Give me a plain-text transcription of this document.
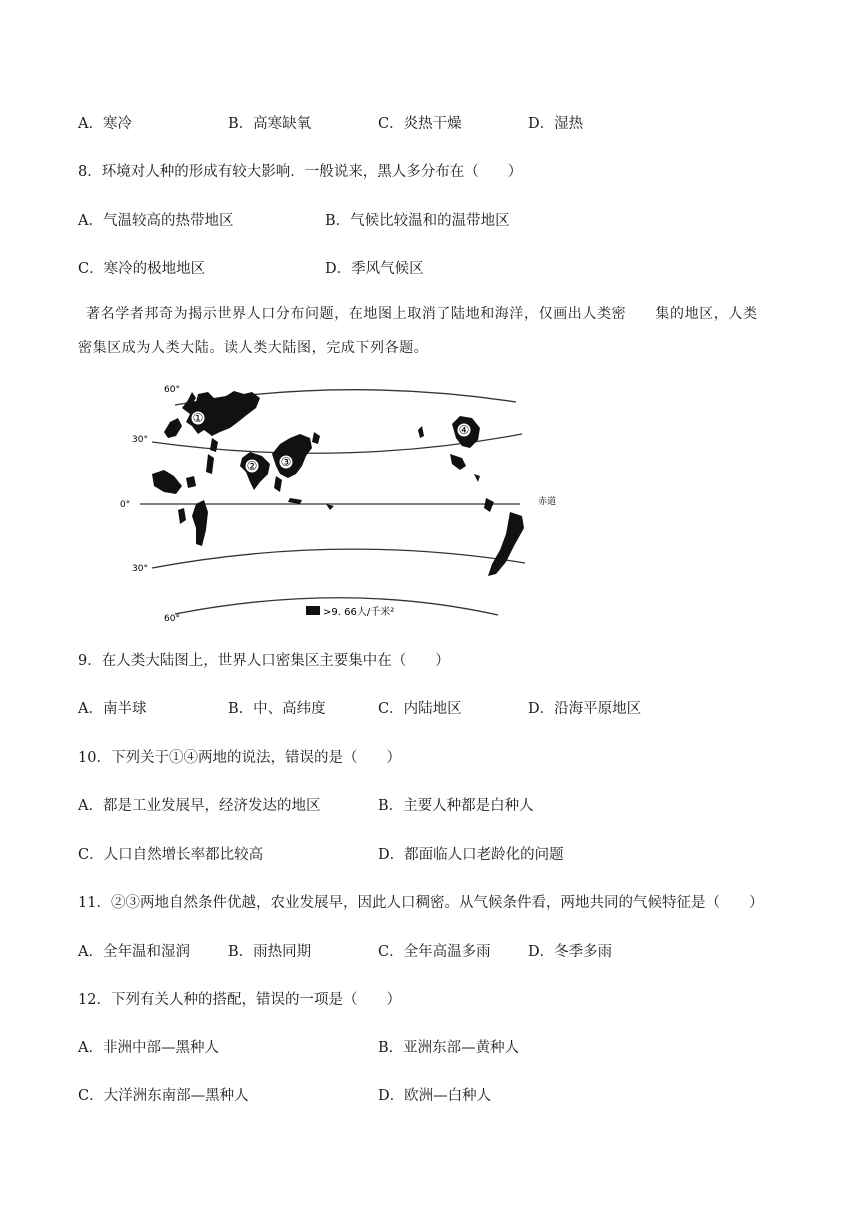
A．寒冷	B．高寒缺氧	C．炎热干燥	D．湿热
8．环境对人种的形成有较大影响．一般说来，黑人多分布在（　　）
A．气温较高的热带地区	B．气候比较温和的温带地区
C．寒冷的极地地区	D．季风气候区
著名学者邦奇为揭示世界人口分布问题，在地图上取消了陆地和海洋，仅画出人类密　　集的地区，人类
密集区成为人类大陆。读人类大陆图，完成下列各题。
60°
30°
0°
30°
60°
赤道
①
② ③
④
>9. 66人/千米²
9．在人类大陆图上，世界人口密集区主要集中在（　　）
A．南半球	B．中、高纬度	C．内陆地区	D．沿海平原地区
10．下列关于①④两地的说法，错误的是（　　）
A．都是工业发展早，经济发达的地区	B．主要人种都是白种人
C．人口自然增长率都比较高	D．都面临人口老龄化的问题
11．②③两地自然条件优越，农业发展早，因此人口稠密。从气候条件看，两地共同的气候特征是（　　）
A．全年温和湿润	B．雨热同期	C．全年高温多雨	D．冬季多雨
12．下列有关人种的搭配，错误的一项是（　　）
A．非洲中部—黑种人	B．亚洲东部—黄种人
C．大洋洲东南部—黑种人	D．欧洲—白种人
